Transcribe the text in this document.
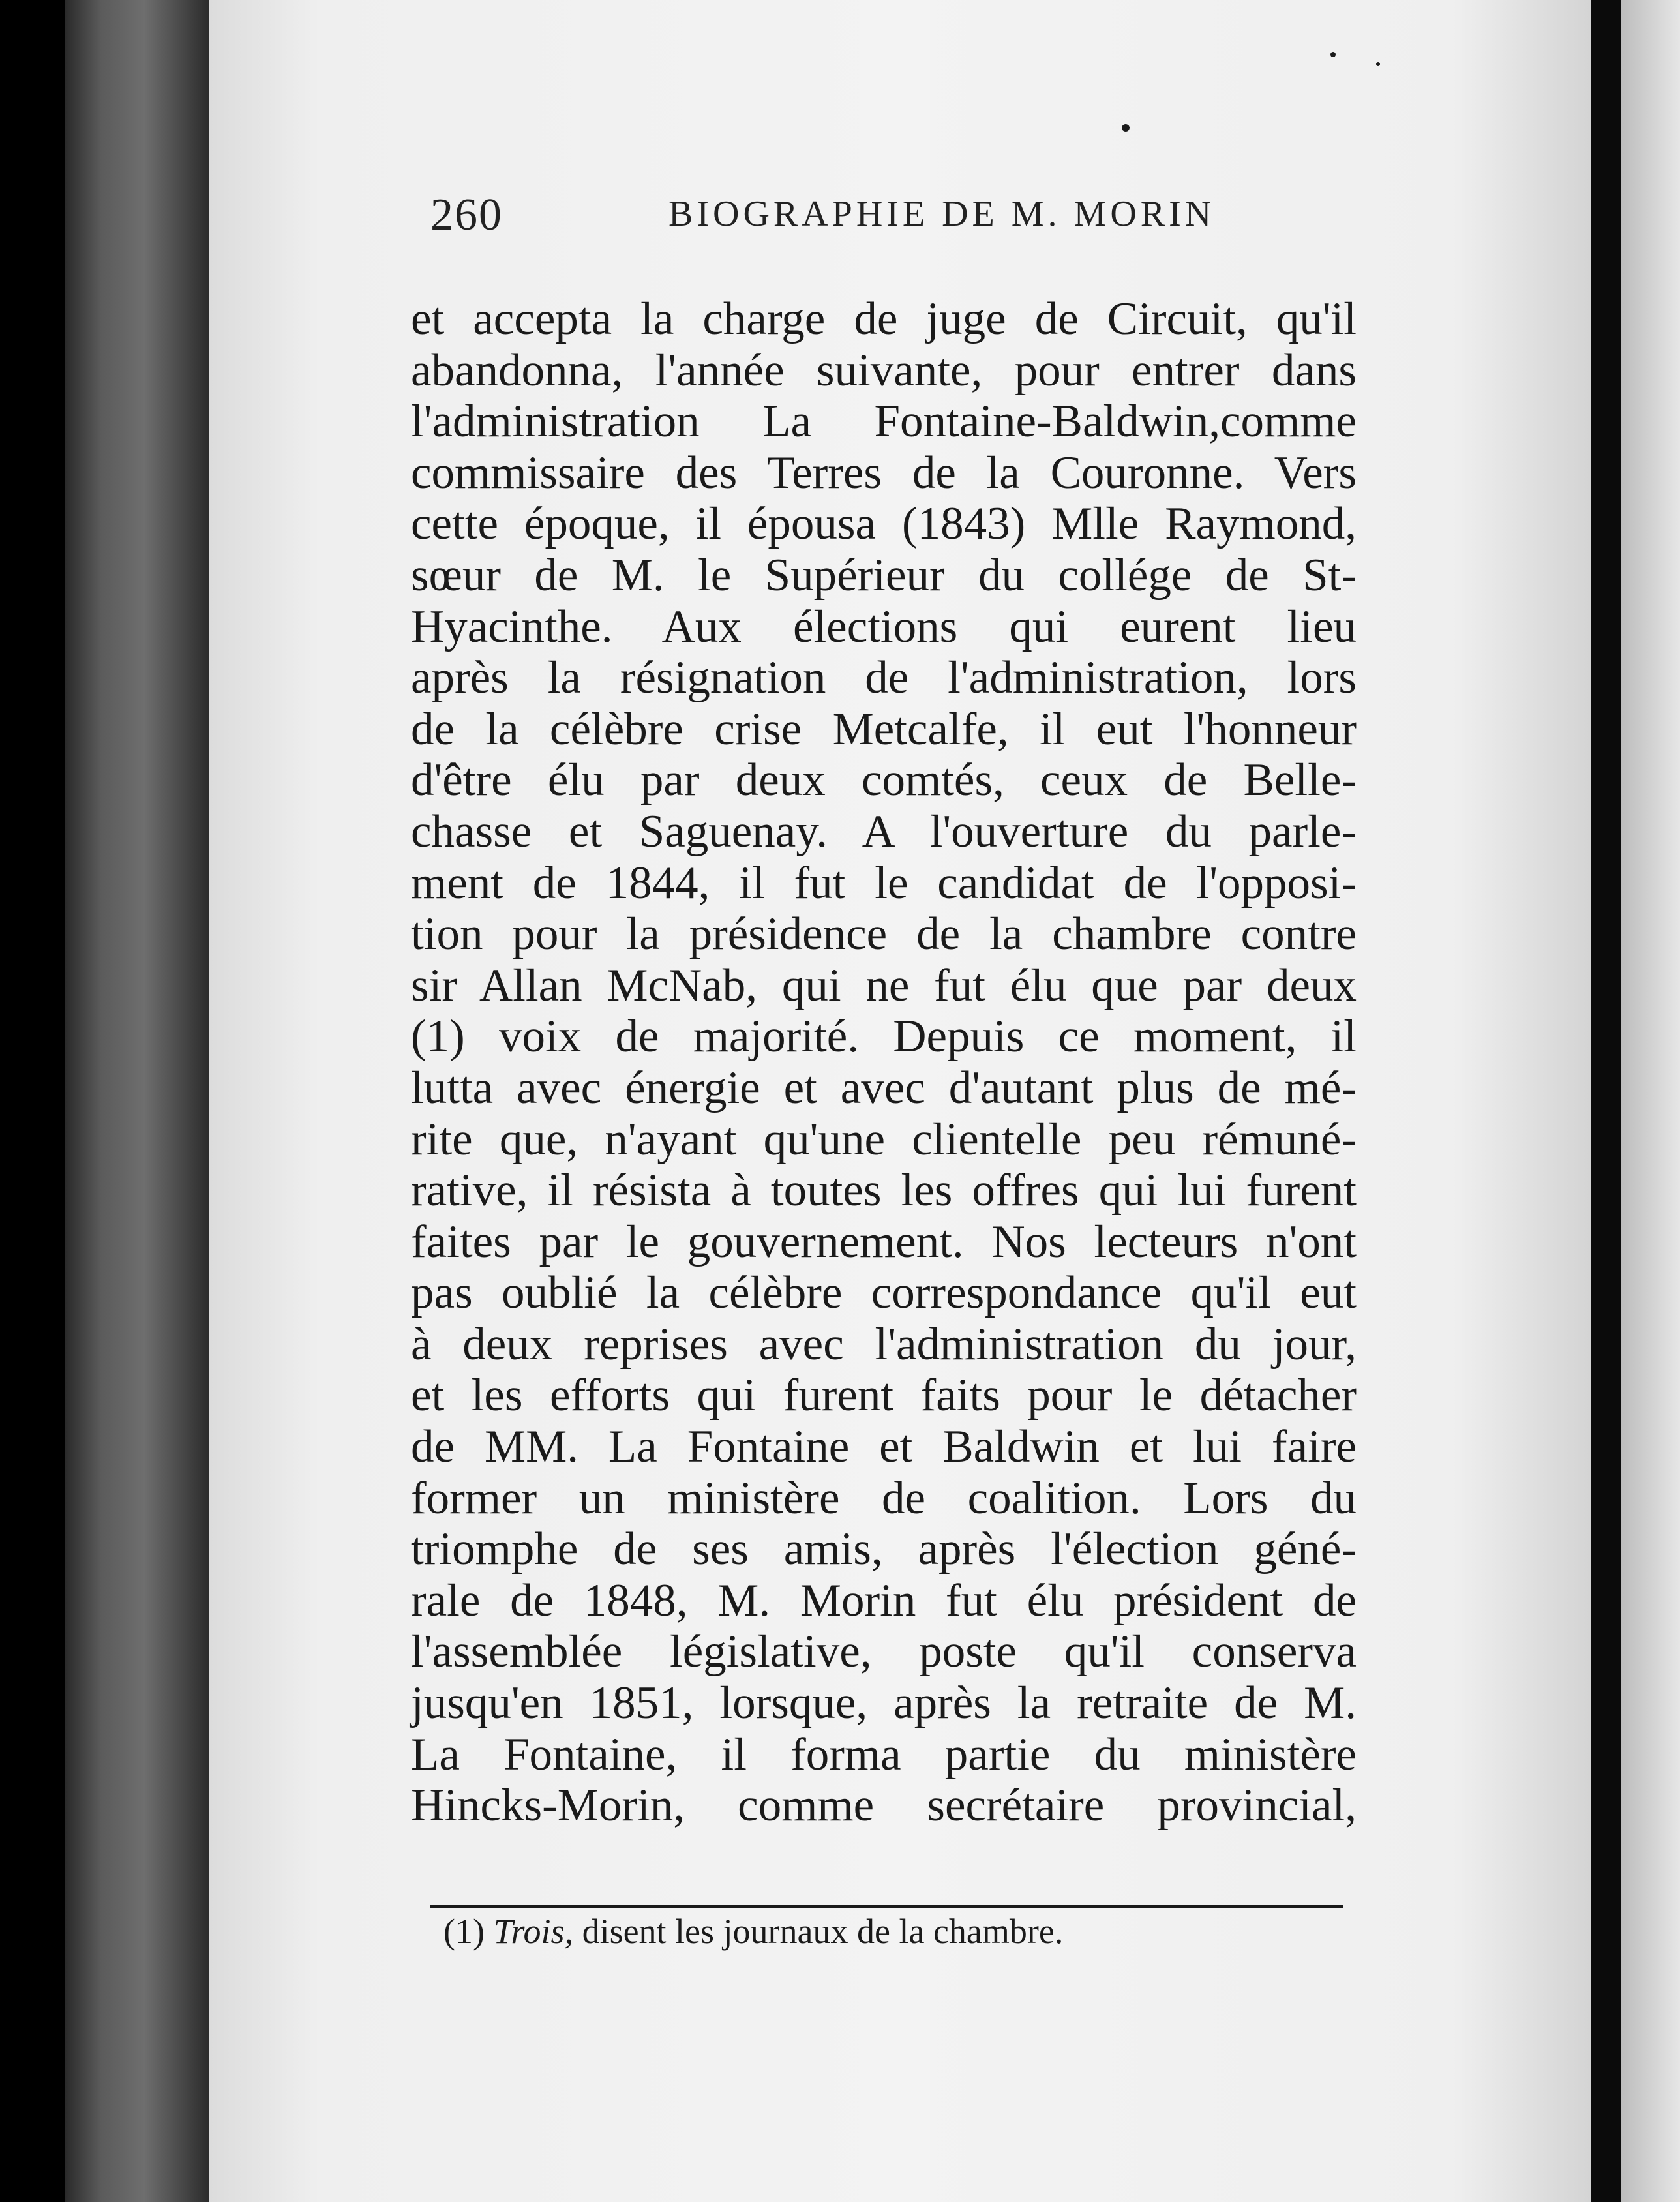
260	BIOGRAPHIE DE M. MORIN
et accepta la charge de juge de Circuit, qu'il
abandonna, l'année suivante, pour entrer dans
l'administration La Fontaine-Baldwin,comme
commissaire des Terres de la Couronne. Vers
cette époque, il épousa (1843) Mlle Raymond,
sœur de M. le Supérieur du collége de St-
Hyacinthe. Aux élections qui eurent lieu
après la résignation de l'administration, lors
de la célèbre crise Metcalfe, il eut l'honneur
d'être élu par deux comtés, ceux de Belle-
chasse et Saguenay. A l'ouverture du parle-
ment de 1844, il fut le candidat de l'opposi-
tion pour la présidence de la chambre contre
sir Allan McNab, qui ne fut élu que par deux
(1) voix de majorité. Depuis ce moment, il
lutta avec énergie et avec d'autant plus de mé-
rite que, n'ayant qu'une clientelle peu rémuné-
rative, il résista à toutes les offres qui lui furent
faites par le gouvernement. Nos lecteurs n'ont
pas oublié la célèbre correspondance qu'il eut
à deux reprises avec l'administration du jour,
et les efforts qui furent faits pour le détacher
de MM. La Fontaine et Baldwin et lui faire
former un ministère de coalition. Lors du
triomphe de ses amis, après l'élection géné-
rale de 1848, M. Morin fut élu président de
l'assemblée législative, poste qu'il conserva
jusqu'en 1851, lorsque, après la retraite de M.
La Fontaine, il forma partie du ministère
Hincks-Morin, comme secrétaire provincial,
(1) Trois, disent les journaux de la chambre.
